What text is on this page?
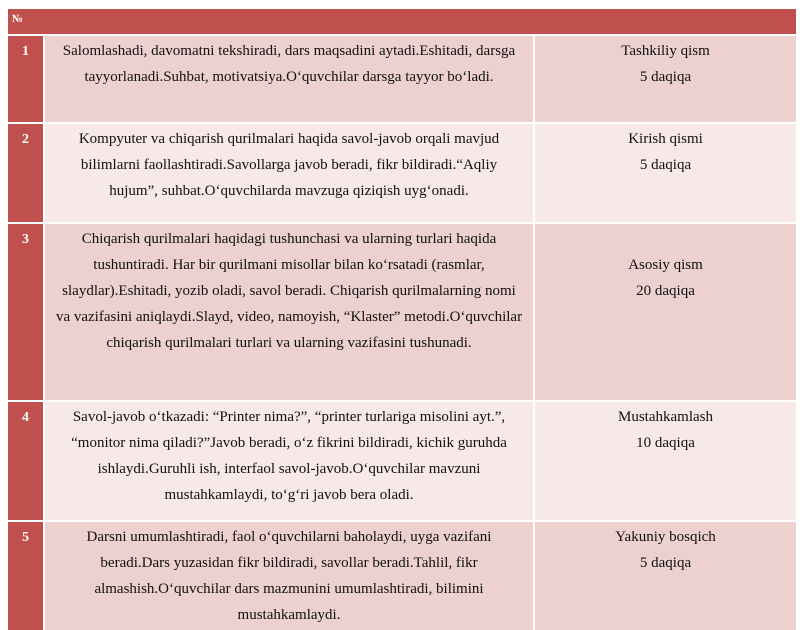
№		
1	Salomlashadi, davomatni tekshiradi, dars maqsadini aytadi.Eshitadi, darsga
tayyorlanadi.Suhbat, motivatsiya.O‘quvchilar darsga tayyor bo‘ladi.	Tashkiliy qism
5 daqiqa

2	Kompyuter va chiqarish qurilmalari haqida savol-javob orqali mavjud
bilimlarni faollashtiradi.Savollarga javob beradi, fikr bildiradi.“Aqliy
hujum”, suhbat.O‘quvchilarda mavzuga qiziqish uyg‘onadi.	Kirish qismi
5 daqiqa

3	Chiqarish qurilmalari haqidagi tushunchasi va ularning turlari haqida
tushuntiradi. Har bir qurilmani misollar bilan ko‘rsatadi (rasmlar,
slaydlar).Eshitadi, yozib oladi, savol beradi. Chiqarish qurilmalarning nomi
va vazifasini aniqlaydi.Slayd, video, namoyish, “Klaster” metodi.O‘quvchilar
chiqarish qurilmalari turlari va ularning vazifasini tushunadi.	Asosiy qism
20 daqiqa

4	Savol-javob o‘tkazadi: “Printer nima?”, “printer turlariga misolini ayt.”,
“monitor nima qiladi?”Javob beradi, o‘z fikrini bildiradi, kichik guruhda
ishlaydi.Guruhli ish, interfaol savol-javob.O‘quvchilar mavzuni
mustahkamlaydi, to‘g‘ri javob bera oladi.	Mustahkamlash
10 daqiqa

5	Darsni umumlashtiradi, faol o‘quvchilarni baholaydi, uyga vazifani
beradi.Dars yuzasidan fikr bildiradi, savollar beradi.Tahlil, fikr
almashish.O‘quvchilar dars mazmunini umumlashtiradi, bilimini
mustahkamlaydi.	Yakuniy bosqich
5 daqiqa
